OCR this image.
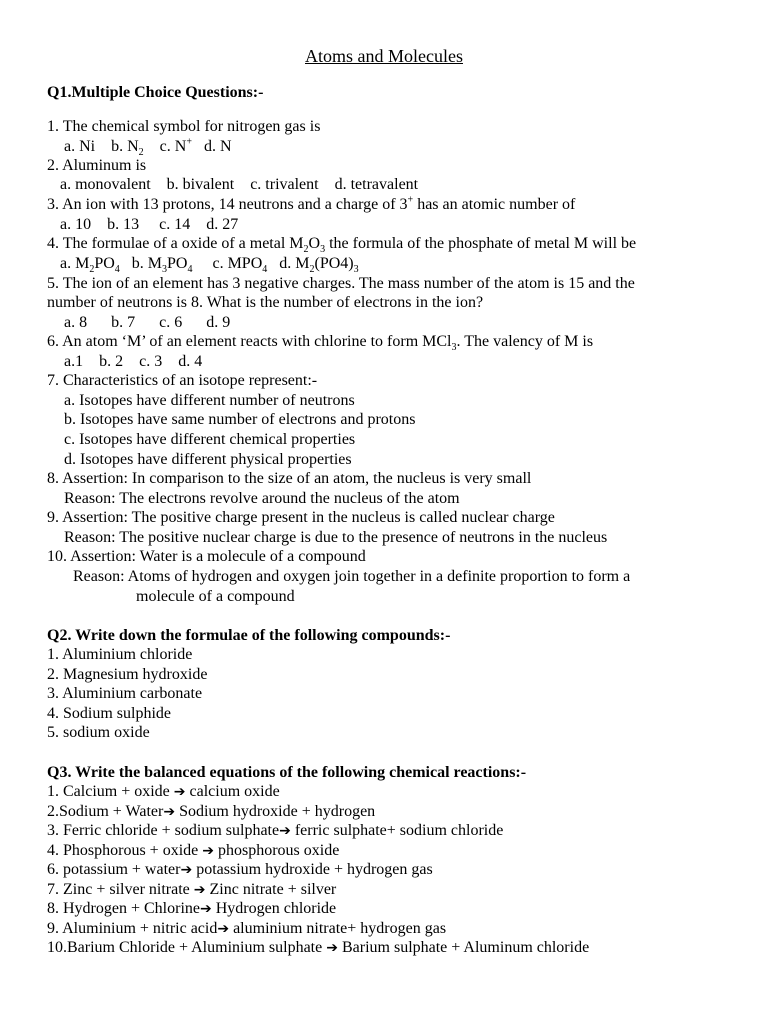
Atoms and Molecules
Q1.Multiple Choice Questions:-
1. The chemical symbol for nitrogen gas is
a. Ni b. $N_2$ c. N+ d. N
2. Aluminum is
a. monovalent b. bivalent c. trivalent d. tetravalent
3. An ion with 13 protons, 14 neutrons and a charge of 3+ has an atomic number of
a. 10 b. 13 c. 14 d. 27
4. The formulae of a oxide of a metal $M_2O_3$ the formula of the phosphate of metal M will be
a. $M_2PO_4$ b. $M_3PO_4$ c. $MPO_4$ d. $M_2(PO4)_3$
5. The ion of an element has 3 negative charges. The mass number of the atom is 15 and the
number of neutrons is 8. What is the number of electrons in the ion?
a. 8 b. 7 c. 6 d. 9
6. An atom ‘M’ of an element reacts with chlorine to form MCl$_3$. The valency of M is
a.1 b. 2 c. 3 d. 4
7. Characteristics of an isotope represent:-
a. Isotopes have different number of neutrons
b. Isotopes have same number of electrons and protons
c. Isotopes have different chemical properties
d. Isotopes have different physical properties
8. Assertion: In comparison to the size of an atom, the nucleus is very small
Reason: The electrons revolve around the nucleus of the atom
9. Assertion: The positive charge present in the nucleus is called nuclear charge
Reason: The positive nuclear charge is due to the presence of neutrons in the nucleus
10. Assertion: Water is a molecule of a compound
Reason: Atoms of hydrogen and oxygen join together in a definite proportion to form a
molecule of a compound
Q2. Write down the formulae of the following compounds:-
1. Aluminium chloride
2. Magnesium hydroxide
3. Aluminium carbonate
4. Sodium sulphide
5. sodium oxide
Q3. Write the balanced equations of the following chemical reactions:-
1. Calcium + oxide ➔ calcium oxide
2.Sodium + Water➔ Sodium hydroxide + hydrogen
3. Ferric chloride + sodium sulphate➔ ferric sulphate+ sodium chloride
4. Phosphorous + oxide ➔ phosphorous oxide
6. potassium + water➔ potassium hydroxide + hydrogen gas
7. Zinc + silver nitrate ➔ Zinc nitrate + silver
8. Hydrogen + Chlorine➔ Hydrogen chloride
9. Aluminium + nitric acid➔ aluminium nitrate+ hydrogen gas
10.Barium Chloride + Aluminium sulphate ➔ Barium sulphate + Aluminum chloride
